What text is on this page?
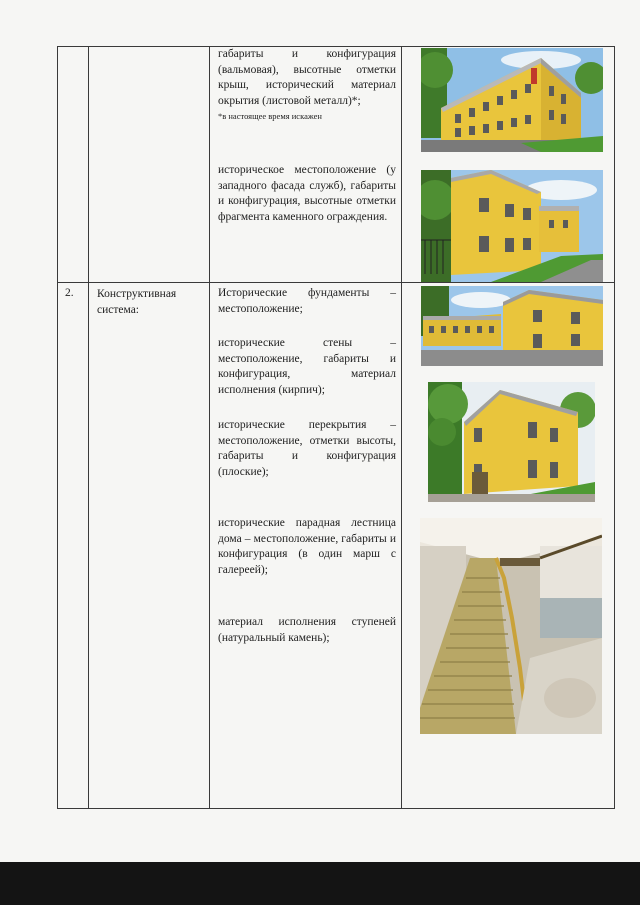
габариты и конфигурация (вальмовая), высотные отметки крыш, исторический материал окрытия (листовой металл)*;

*в настоящее время искажен

историческое местоположение (у западного фасада служб), габариты и конфигурация, высотные отметки фрагмента каменного ограждения.

2. Конструктивная система:

Исторические фундаменты – местоположение;

исторические стены – местоположение, габариты и конфигурация, материал исполнения (кирпич);

исторические перекрытия – местоположение, отметки высоты, габариты и конфигурация (плоские);

исторические парадная лестница дома – местоположение, габариты и конфигурация (в один марш с галереей);

материал исполнения ступеней (натуральный камень);
